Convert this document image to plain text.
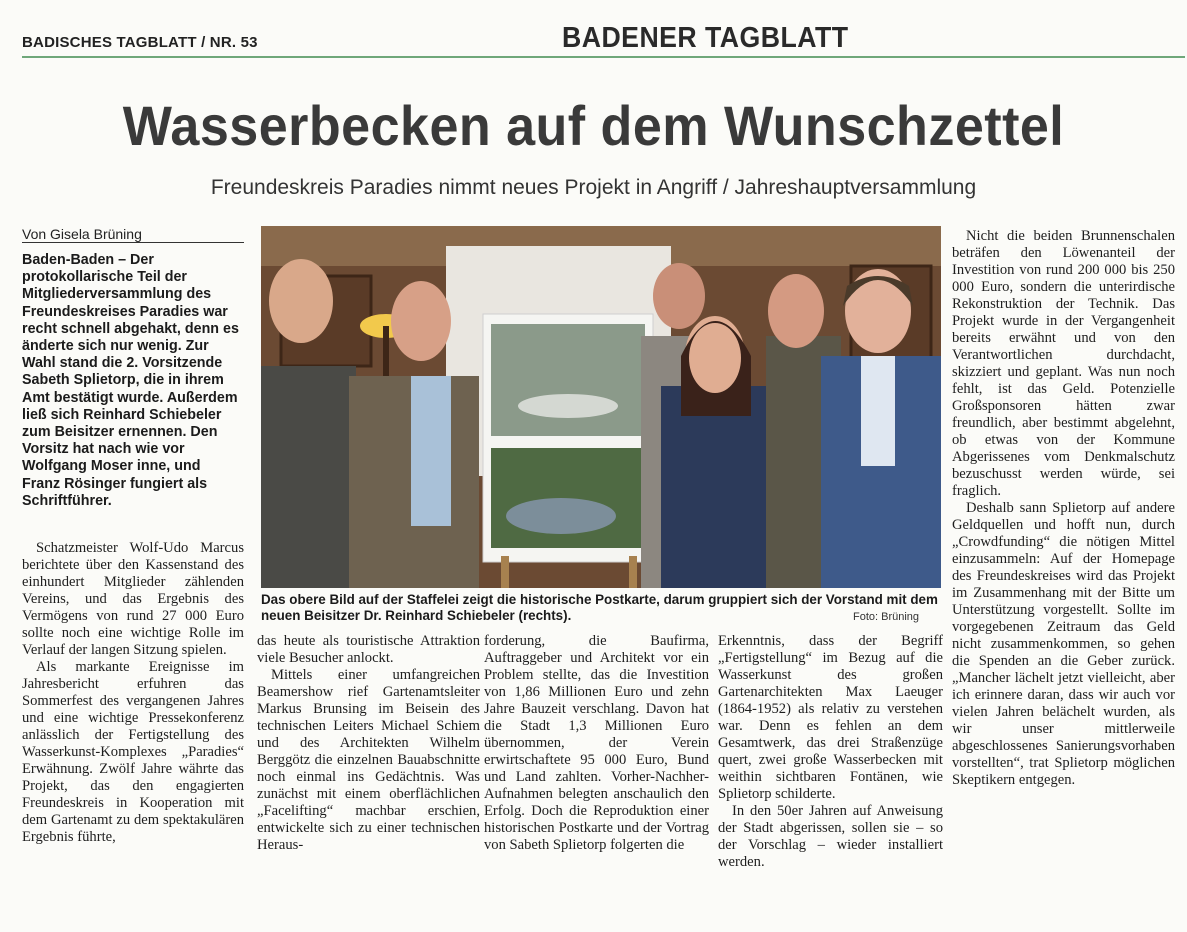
BADISCHES TAGBLATT / NR. 53	BADENER TAGBLATT
Wasserbecken auf dem Wunschzettel
Freundeskreis Paradies nimmt neues Projekt in Angriff / Jahreshauptversammlung
Von Gisela Brüning
Baden-Baden – Der protokollarische Teil der Mitgliederversammlung des Freundeskreises Paradies war recht schnell abgehakt, denn es änderte sich nur wenig. Zur Wahl stand die 2. Vorsitzende Sabeth Splietorp, die in ihrem Amt bestätigt wurde. Außerdem ließ sich Reinhard Schiebeler zum Beisitzer ernennen. Den Vorsitz hat nach wie vor Wolfgang Moser inne, und Franz Rösinger fungiert als Schriftführer.

Schatzmeister Wolf-Udo Marcus berichtete über den Kassenstand des einhundert Mitglieder zählenden Vereins, und das Ergebnis des Vermögens von rund 27 000 Euro sollte noch eine wichtige Rolle im Verlauf der langen Sitzung spielen.

Als markante Ereignisse im Jahresbericht erfuhren das Sommerfest des vergangenen Jahres und eine wichtige Pressekonferenz anlässlich der Fertigstellung des Wasserkunst-Komplexes „Paradies“ Erwähnung. Zwölf Jahre währte das Projekt, das den engagierten Freundeskreis in Kooperation mit dem Gartenamt zu dem spektakulären Ergebnis führte,

Das obere Bild auf der Staffelei zeigt die historische Postkarte, darum gruppiert sich der Vorstand mit dem neuen Beisitzer Dr. Reinhard Schiebeler (rechts).	Foto: Brüning

das heute als touristische Attraktion viele Besucher anlockt.

Mittels einer umfangreichen Beamershow rief Gartenamtsleiter Markus Brunsing im Beisein des technischen Leiters Michael Schiem und des Architekten Wilhelm Berggötz die einzelnen Bauabschnitte noch einmal ins Gedächtnis. Was zunächst mit einem oberflächlichen „Facelifting“ machbar erschien, entwickelte sich zu einer technischen Heraus-

forderung, die Baufirma, Auftraggeber und Architekt vor ein Problem stellte, das die Investition von 1,86 Millionen Euro und zehn Jahre Bauzeit verschlang. Davon hat die Stadt 1,3 Millionen Euro übernommen, der Verein erwirtschaftete 95 000 Euro, Bund und Land zahlten. Vorher-Nachher-Aufnahmen belegten anschaulich den Erfolg. Doch die Reproduktion einer historischen Postkarte und der Vortrag von Sabeth Splietorp folgerten die

Erkenntnis, dass der Begriff „Fertigstellung“ im Bezug auf die Wasserkunst des großen Gartenarchitekten Max Laeuger (1864-1952) als relativ zu verstehen war. Denn es fehlen an dem Gesamtwerk, das drei Straßenzüge quert, zwei große Wasserbecken mit weithin sichtbaren Fontänen, wie Splietorp schilderte.

In den 50er Jahren auf Anweisung der Stadt abgerissen, sollen sie – so der Vorschlag – wieder installiert werden.

Nicht die beiden Brunnenschalen beträfen den Löwenanteil der Investition von rund 200 000 bis 250 000 Euro, sondern die unterirdische Rekonstruktion der Technik. Das Projekt wurde in der Vergangenheit bereits erwähnt und von den Verantwortlichen durchdacht, skizziert und geplant. Was nun noch fehlt, ist das Geld. Potenzielle Großsponsoren hätten zwar freundlich, aber bestimmt abgelehnt, ob etwas von der Kommune Abgerissenes vom Denkmalschutz bezuschusst werden würde, sei fraglich.

Deshalb sann Splietorp auf andere Geldquellen und hofft nun, durch „Crowdfunding“ die nötigen Mittel einzusammeln: Auf der Homepage des Freundeskreises wird das Projekt im Zusammenhang mit der Bitte um Unterstützung vorgestellt. Sollte im vorgegebenen Zeitraum das Geld nicht zusammenkommen, so gehen die Spenden an die Geber zurück. „Mancher lächelt jetzt vielleicht, aber ich erinnere daran, dass wir auch vor vielen Jahren belächelt wurden, als wir unser mittlerweile abgeschlossenes Sanierungsvorhaben vorstellten“, trat Splietorp möglichen Skeptikern entgegen.
